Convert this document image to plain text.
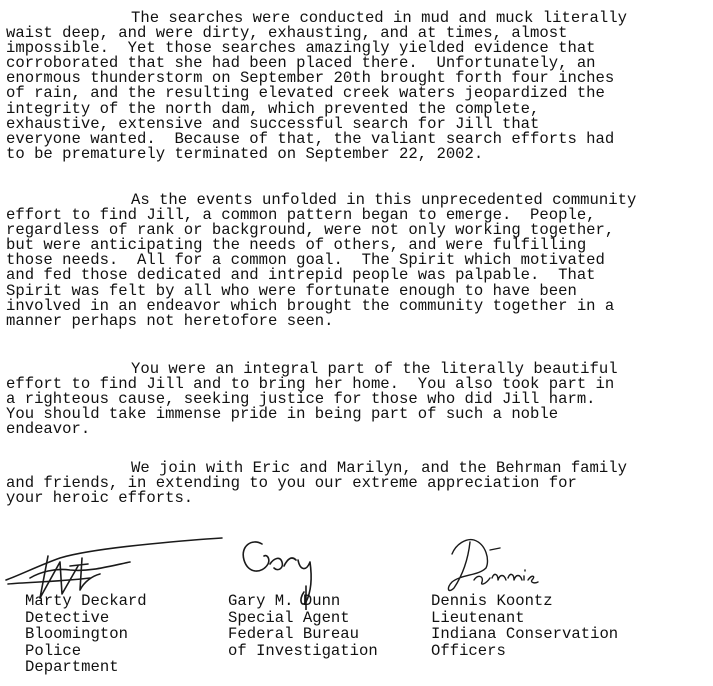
The searches were conducted in mud and muck literally
waist deep, and were dirty, exhausting, and at times, almost
impossible.  Yet those searches amazingly yielded evidence that
corroborated that she had been placed there.  Unfortunately, an
enormous thunderstorm on September 20th brought forth four inches
of rain, and the resulting elevated creek waters jeopardized the
integrity of the north dam, which prevented the complete,
exhaustive, extensive and successful search for Jill that
everyone wanted.  Because of that, the valiant search efforts had
to be prematurely terminated on September 22, 2002.

As the events unfolded in this unprecedented community
effort to find Jill, a common pattern began to emerge.  People,
regardless of rank or background, were not only working together,
but were anticipating the needs of others, and were fulfilling
those needs.  All for a common goal.  The Spirit which motivated
and fed those dedicated and intrepid people was palpable.  That
Spirit was felt by all who were fortunate enough to have been
involved in an endeavor which brought the community together in a
manner perhaps not heretofore seen.

You were an integral part of the literally beautiful
effort to find Jill and to bring her home.  You also took part in
a righteous cause, seeking justice for those who did Jill harm.
You should take immense pride in being part of such a noble
endeavor.

We join with Eric and Marilyn, and the Behrman family
and friends, in extending to you our extreme appreciation for
your heroic efforts.

Marty Deckard
Detective
Bloomington
Police
Department
Gary M. Dunn
Special Agent
Federal Bureau
of Investigation
Dennis Koontz
Lieutenant
Indiana Conservation
Officers
